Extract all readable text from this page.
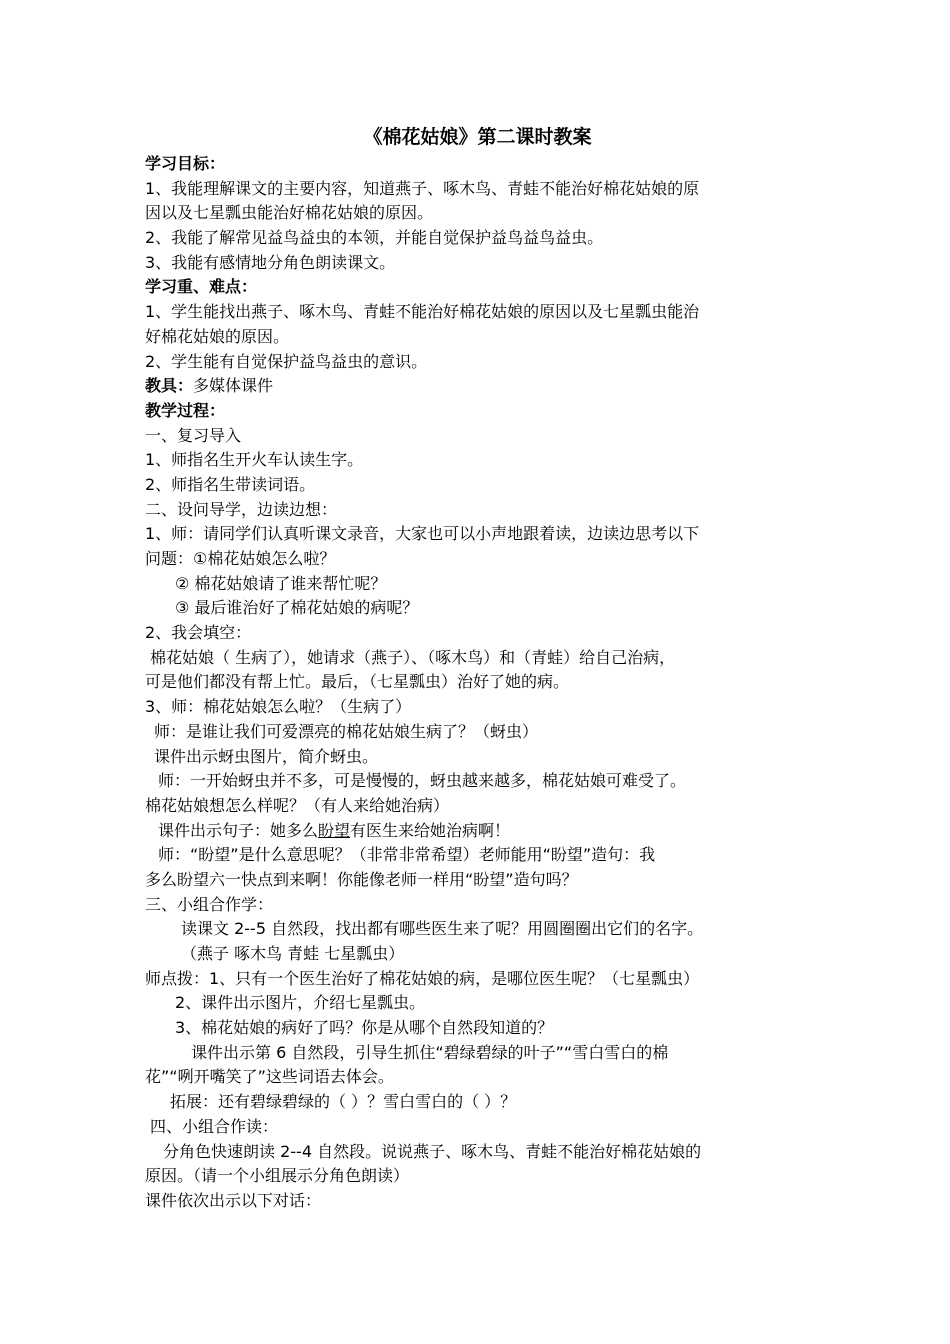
《棉花姑娘》第二课时教案
学习目标：
1、我能理解课文的主要内容，知道燕子、啄木鸟、青蛙不能治好棉花姑娘的原
因以及七星瓢虫能治好棉花姑娘的原因。
2、我能了解常见益鸟益虫的本领，并能自觉保护益鸟益鸟益虫。
3、我能有感情地分角色朗读课文。
学习重、难点：
1、学生能找出燕子、啄木鸟、青蛙不能治好棉花姑娘的原因以及七星瓢虫能治
好棉花姑娘的原因。
2、学生能有自觉保护益鸟益虫的意识。
教具：多媒体课件
教学过程：
一、复习导入
1、师指名生开火车认读生字。
2、师指名生带读词语。
二、设问导学，边读边想：
1、师：请同学们认真听课文录音，大家也可以小声地跟着读，边读边思考以下
问题：①棉花姑娘怎么啦？
② 棉花姑娘请了谁来帮忙呢？
③ 最后谁治好了棉花姑娘的病呢？
2、我会填空：
棉花姑娘（ 生病了），她请求（燕子）、（啄木鸟）和（青蛙）给自己治病，
可是他们都没有帮上忙。最后，（七星瓢虫）治好了她的病。
3、师：棉花姑娘怎么啦？（生病了）
师：是谁让我们可爱漂亮的棉花姑娘生病了？（蚜虫）
课件出示蚜虫图片，简介蚜虫。
师：一开始蚜虫并不多，可是慢慢的，蚜虫越来越多，棉花姑娘可难受了。
棉花姑娘想怎么样呢？（有人来给她治病）
课件出示句子：她多么盼望有医生来给她治病啊！
师：“盼望”是什么意思呢？（非常非常希望）老师能用“盼望”造句：我
多么盼望六一快点到来啊！你能像老师一样用“盼望”造句吗？
三、小组合作学：
读课文 2--5 自然段，找出都有哪些医生来了呢？用圆圈圈出它们的名字。
（燕子 啄木鸟 青蛙 七星瓢虫）
师点拨：1、只有一个医生治好了棉花姑娘的病，是哪位医生呢？（七星瓢虫）
2、课件出示图片，介绍七星瓢虫。
3、棉花姑娘的病好了吗？你是从哪个自然段知道的？
课件出示第 6 自然段，引导生抓住“碧绿碧绿的叶子”“雪白雪白的棉
花”“咧开嘴笑了”这些词语去体会。
拓展：还有碧绿碧绿的（ ）？雪白雪白的（ ）？
四、小组合作读：
分角色快速朗读 2--4 自然段。说说燕子、啄木鸟、青蛙不能治好棉花姑娘的
原因。（请一个小组展示分角色朗读）
课件依次出示以下对话：
